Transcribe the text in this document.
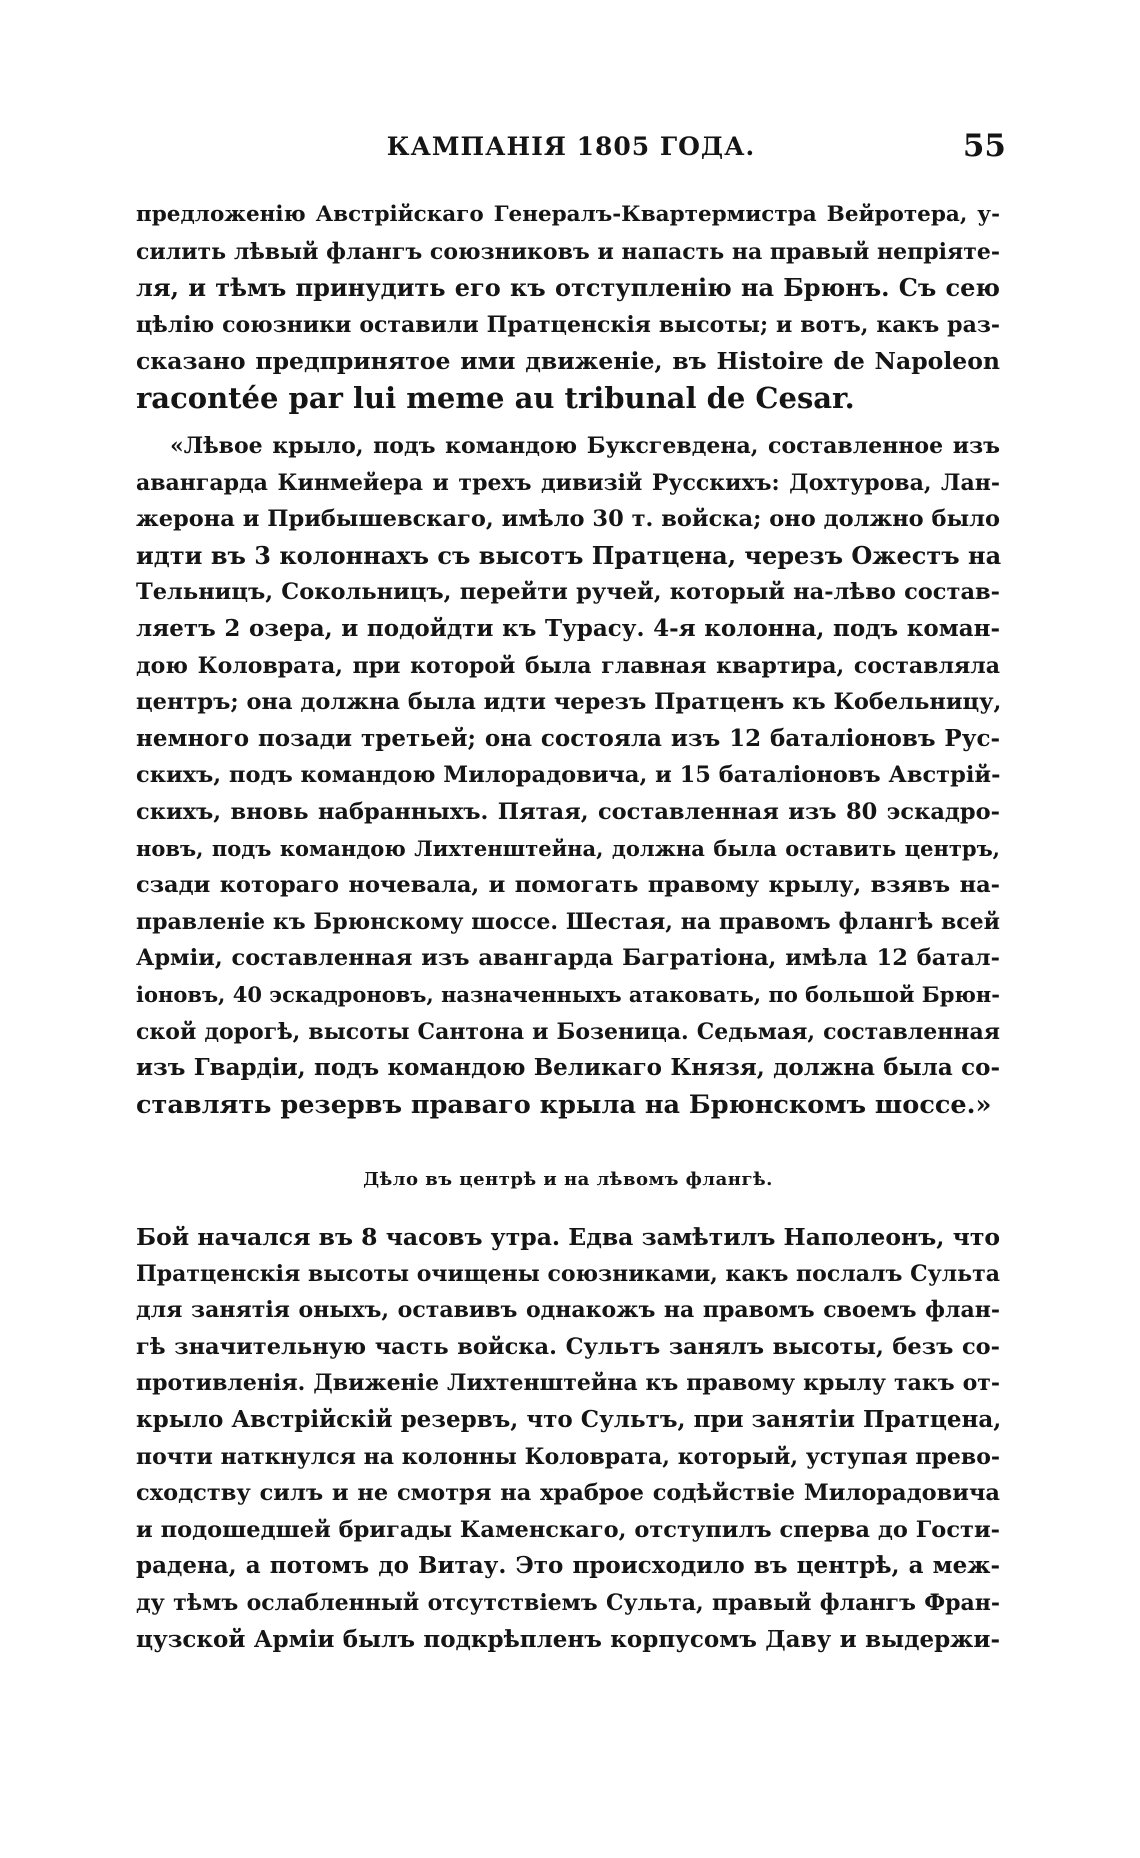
КАМПАНІЯ 1805 ГОДА.	55
предложенію Австрійскаго Генералъ-Квартермистра Вейротера, у-
силить лѣвый флангъ союзниковъ и напасть на правый непріяте-
ля, и тѣмъ принудить его къ отступленію на Брюнъ. Съ сею
цѣлію союзники оставили Пратценскія высоты; и вотъ, какъ раз-
сказано предпринятое ими движеніе, въ Histoire de Napoleon
racontée par lui meme au tribunal de Cesar.
«Лѣвое крыло, подъ командою Буксгевдена, составленное изъ
авангарда Кинмейера и трехъ дивизій Русскихъ: Дохтурова, Лан-
жерона и Прибышевскаго, имѣло 30 т. войска; оно должно было
идти въ 3 колоннахъ съ высотъ Пратцена, черезъ Ожестъ на
Тельницъ, Сокольницъ, перейти ручей, который на-лѣво состав-
ляетъ 2 озера, и подойдти къ Турасу. 4-я колонна, подъ коман-
дою Коловрата, при которой была главная квартира, составляла
центръ; она должна была идти черезъ Пратценъ къ Кобельницу,
немного позади третьей; она состояла изъ 12 баталіоновъ Рус-
скихъ, подъ командою Милорадовича, и 15 баталіоновъ Австрій-
скихъ, вновь набранныхъ. Пятая, составленная изъ 80 эскадро-
новъ, подъ командою Лихтенштейна, должна была оставить центръ,
сзади котораго ночевала, и помогать правому крылу, взявъ на-
правленіе къ Брюнскому шоссе. Шестая, на правомъ флангѣ всей
Арміи, составленная изъ авангарда Багратіона, имѣла 12 батал-
іоновъ, 40 эскадроновъ, назначенныхъ атаковать, по большой Брюн-
ской дорогѣ, высоты Сантона и Бозеница. Седьмая, составленная
изъ Гвардіи, подъ командою Великаго Князя, должна была со-
ставлять резервъ праваго крыла на Брюнскомъ шоссе.»
Дѣло въ центрѣ и на лѣвомъ флангѣ.
Бой начался въ 8 часовъ утра. Едва замѣтилъ Наполеонъ, что
Пратценскія высоты очищены союзниками, какъ послалъ Сульта
для занятія оныхъ, оставивъ однакожъ на правомъ своемъ флан-
гѣ значительную часть войска. Сультъ занялъ высоты, безъ со-
противленія. Движеніе Лихтенштейна къ правому крылу такъ от-
крыло Австрійскій резервъ, что Сультъ, при занятіи Пратцена,
почти наткнулся на колонны Коловрата, который, уступая прево-
сходству силъ и не смотря на храброе содѣйствіе Милорадовича
и подошедшей бригады Каменскаго, отступилъ сперва до Гости-
радена, а потомъ до Витау. Это происходило въ центрѣ, а меж-
ду тѣмъ ослабленный отсутствіемъ Сульта, правый флангъ Фран-
цузской Арміи былъ подкрѣпленъ корпусомъ Даву и выдержи-
